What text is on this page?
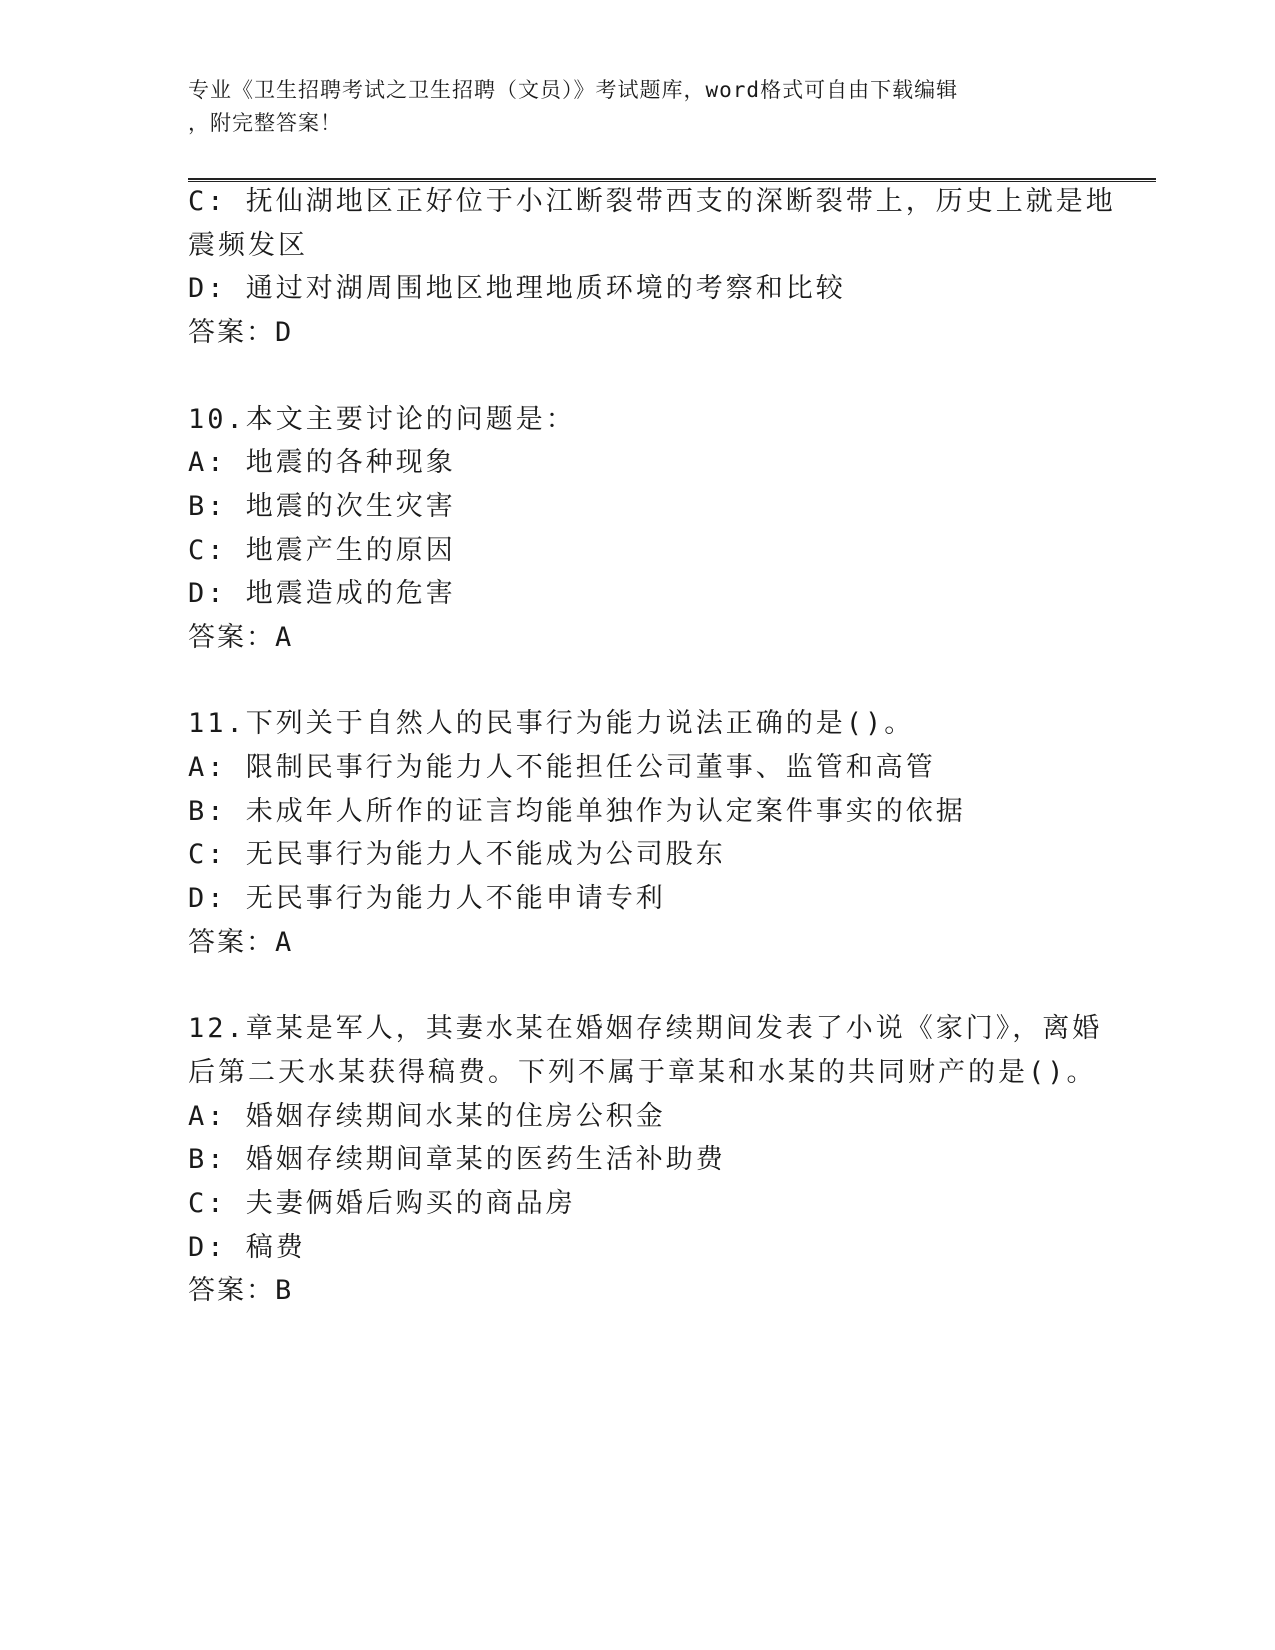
专业《卫生招聘考试之卫生招聘（文员）》考试题库，word格式可自由下载编辑
，附完整答案！
C: 抚仙湖地区正好位于小江断裂带西支的深断裂带上，历史上就是地
震频发区
D: 通过对湖周围地区地理地质环境的考察和比较
答案：D
10.本文主要讨论的问题是：
A: 地震的各种现象
B: 地震的次生灾害
C: 地震产生的原因
D: 地震造成的危害
答案：A
11.下列关于自然人的民事行为能力说法正确的是()。
A: 限制民事行为能力人不能担任公司董事、监管和高管
B: 未成年人所作的证言均能单独作为认定案件事实的依据
C: 无民事行为能力人不能成为公司股东
D: 无民事行为能力人不能申请专利
答案：A
12.章某是军人，其妻水某在婚姻存续期间发表了小说《家门》，离婚
后第二天水某获得稿费。下列不属于章某和水某的共同财产的是()。
A: 婚姻存续期间水某的住房公积金
B: 婚姻存续期间章某的医药生活补助费
C: 夫妻俩婚后购买的商品房
D: 稿费
答案：B
